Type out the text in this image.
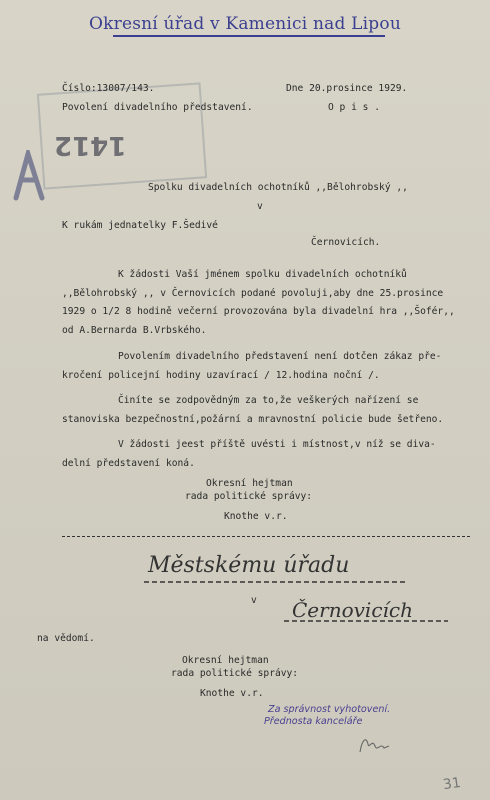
Okresní úřad v Kamenici nad Lipou
1412
Číslo:13007/143.	Dne 20.prosince 1929.
Povolení divadelního představení.	O p i s .
Spolku divadelních ochotníků ,,Bělohrobský ,,
v
K rukám jednatelky F.Šedivé
Černovicích.
K žádosti Vaší jménem spolku divadelních ochotníků
,,Bělohrobský ,, v Černovicích podané povoluji,aby dne 25.prosince
1929 o 1/2 8 hodině večerní provozována byla divadelní hra ,,Šofér,,
od A.Bernarda B.Vrbského.
Povolením divadelního představení není dotčen zákaz pře-
kročení policejní hodiny uzavírací / 12.hodina noční /.
Činíte se zodpovědným za to,že veškerých nařízení se
stanoviska bezpečnostní,požární a mravnostní policie bude šetřeno.
V žádosti jeest příště uvésti i místnost,v níž se diva-
delní představení koná.
Okresní hejtman
rada politické správy:
Knothe v.r.
Městskému úřadu
v Černovicích
na vědomí.
Okresní hejtman
rada politické správy:
Knothe v.r.
Za správnost vyhotovení.
Přednosta kanceláře
31
